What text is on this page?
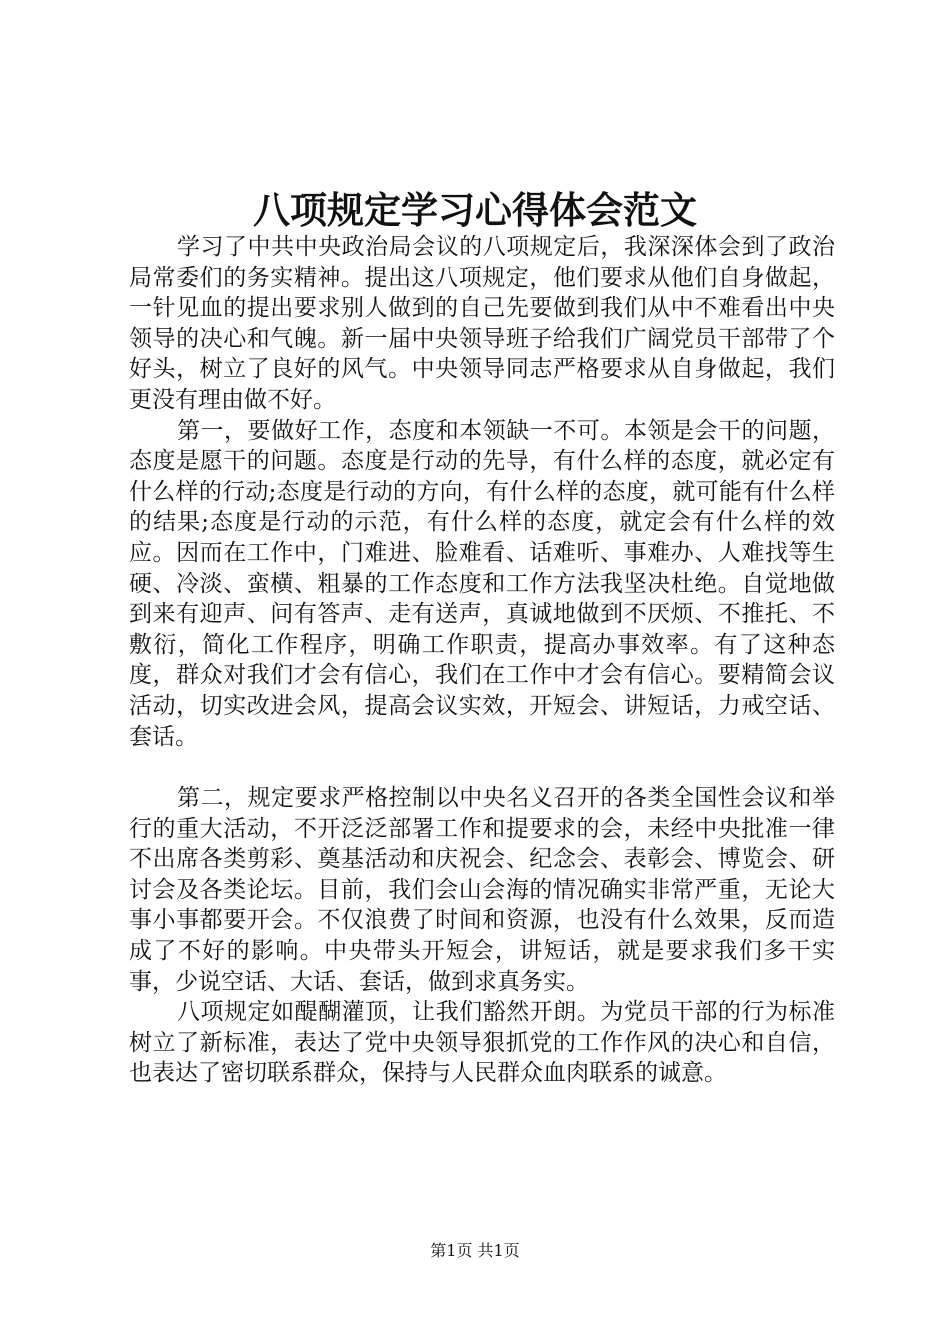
八项规定学习心得体会范文

学习了中共中央政治局会议的八项规定后，我深深体会到了政治局常委们的务实精神。提出这八项规定，他们要求从他们自身做起，一针见血的提出要求别人做到的自己先要做到我们从中不难看出中央领导的决心和气魄。新一届中央领导班子给我们广阔党员干部带了个好头，树立了良好的风气。中央领导同志严格要求从自身做起，我们更没有理由做不好。

第一，要做好工作，态度和本领缺一不可。本领是会干的问题，态度是愿干的问题。态度是行动的先导，有什么样的态度，就必定有什么样的行动;态度是行动的方向，有什么样的态度，就可能有什么样的结果;态度是行动的示范，有什么样的态度，就定会有什么样的效应。因而在工作中，门难进、脸难看、话难听、事难办、人难找等生硬、冷淡、蛮横、粗暴的工作态度和工作方法我坚决杜绝。自觉地做到来有迎声、问有答声、走有送声，真诚地做到不厌烦、不推托、不敷衍，简化工作程序，明确工作职责，提高办事效率。有了这种态度，群众对我们才会有信心，我们在工作中才会有信心。要精简会议活动，切实改进会风，提高会议实效，开短会、讲短话，力戒空话、套话。

第二，规定要求严格控制以中央名义召开的各类全国性会议和举行的重大活动，不开泛泛部署工作和提要求的会，未经中央批准一律不出席各类剪彩、奠基活动和庆祝会、纪念会、表彰会、博览会、研讨会及各类论坛。目前，我们会山会海的情况确实非常严重，无论大事小事都要开会。不仅浪费了时间和资源，也没有什么效果，反而造成了不好的影响。中央带头开短会，讲短话，就是要求我们多干实事，少说空话、大话、套话，做到求真务实。

八项规定如醍醐灌顶，让我们豁然开朗。为党员干部的行为标准树立了新标准，表达了党中央领导狠抓党的工作作风的决心和自信，也表达了密切联系群众，保持与人民群众血肉联系的诚意。

第1页 共1页
